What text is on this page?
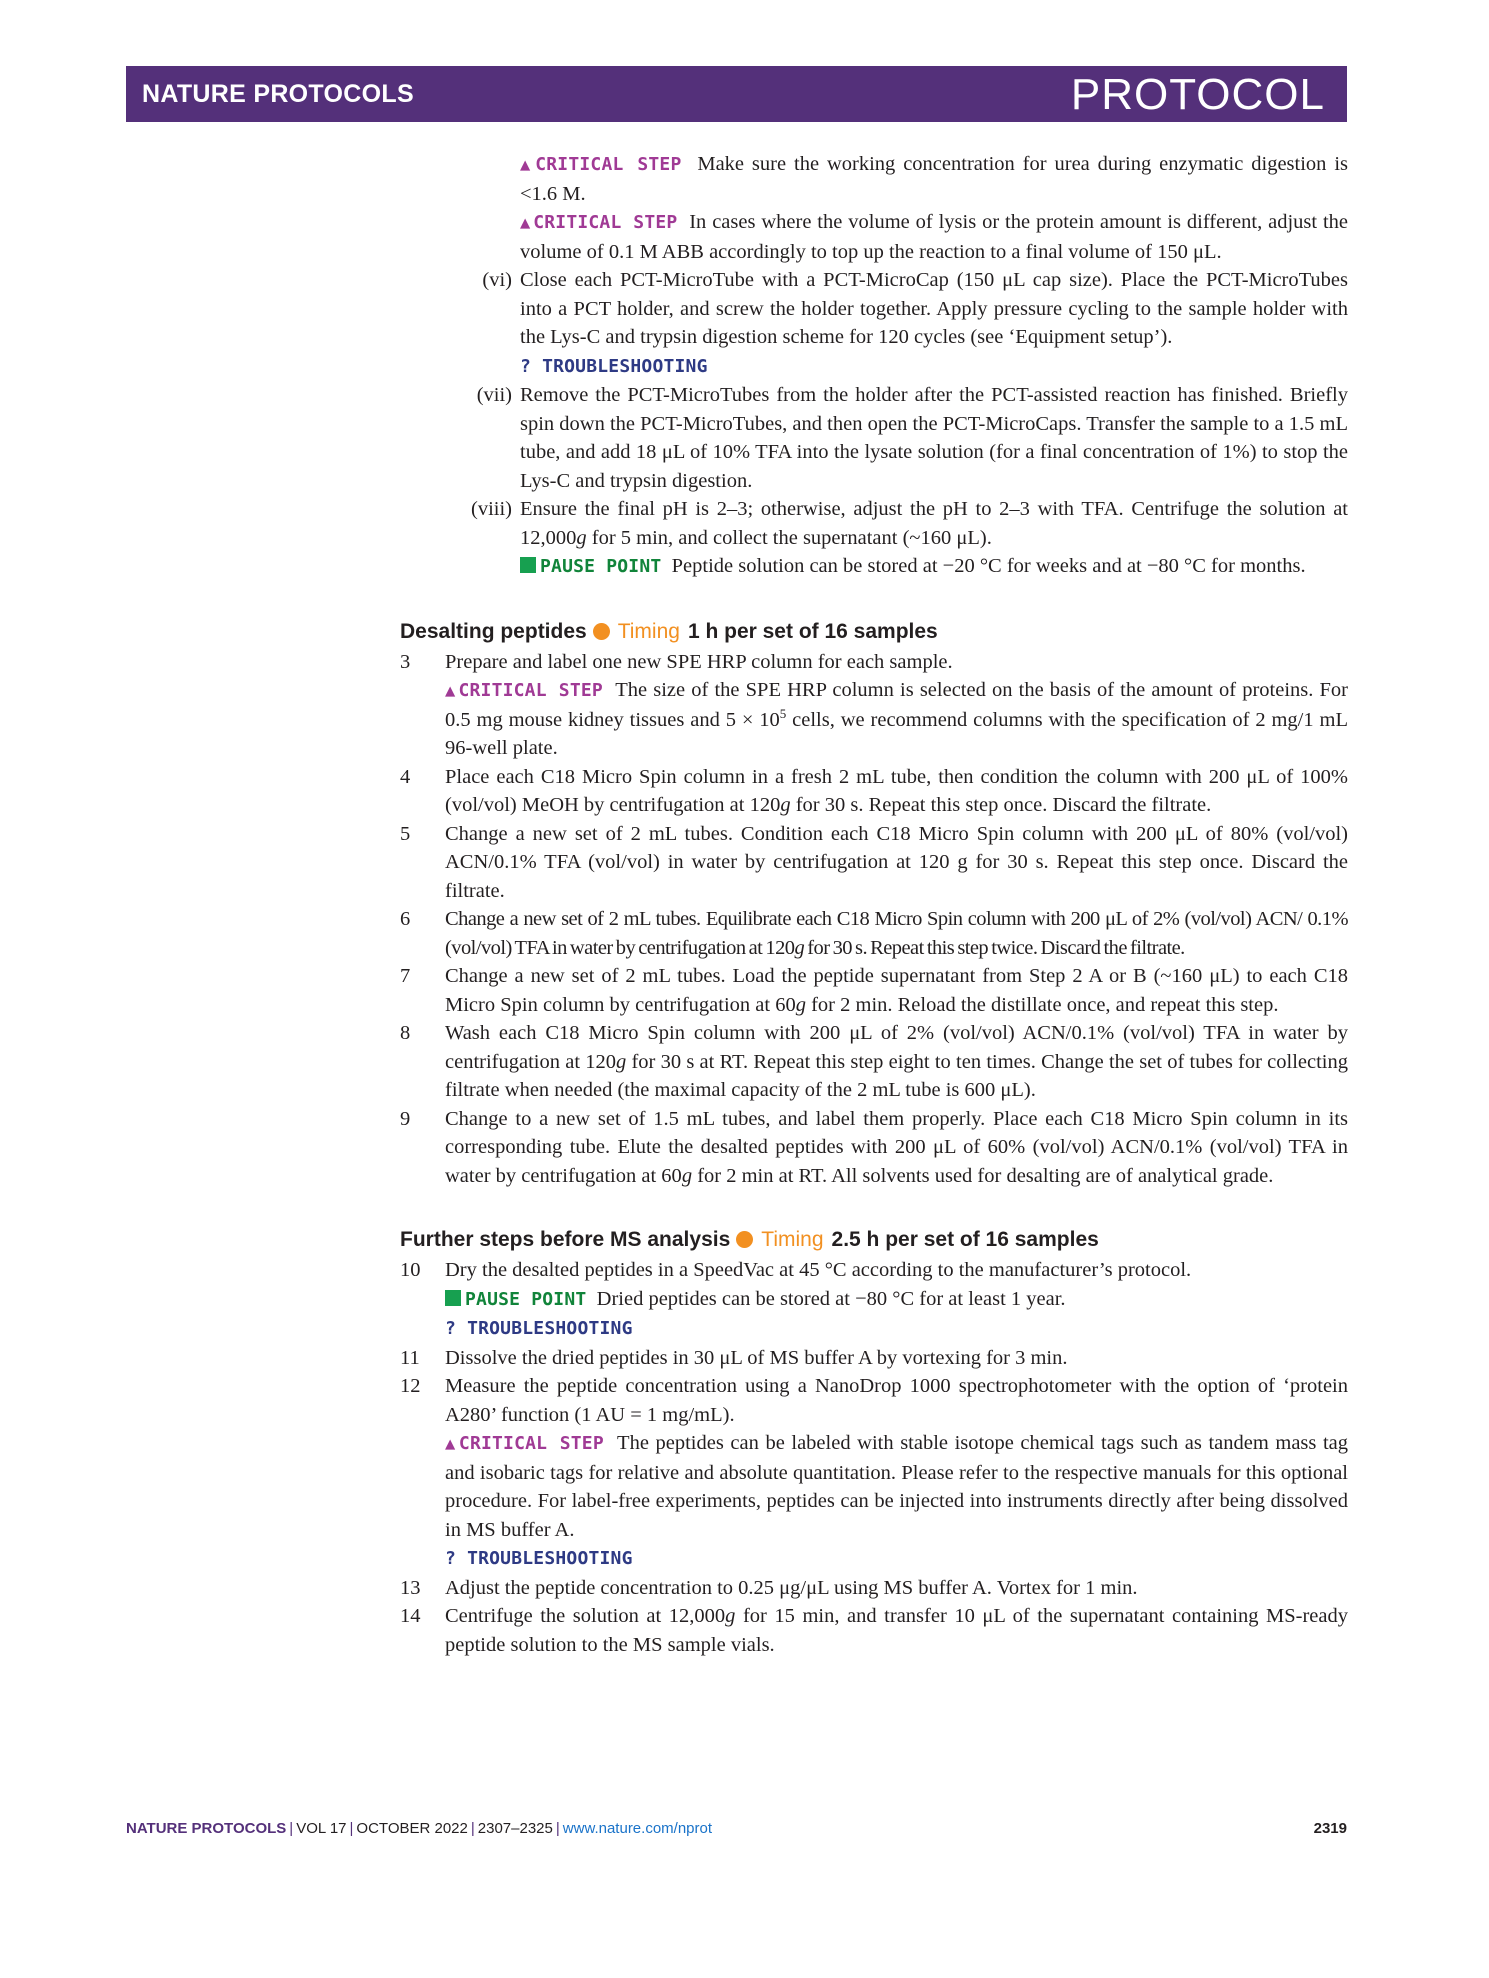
NATURE PROTOCOLS	PROTOCOL

▲ CRITICAL STEP Make sure the working concentration for urea during enzymatic digestion is <1.6 M.

▲ CRITICAL STEP In cases where the volume of lysis or the protein amount is different, adjust the volume of 0.1 M ABB accordingly to top up the reaction to a final volume of 150 μL.

(vi) Close each PCT-MicroTube with a PCT-MicroCap (150 μL cap size). Place the PCT-MicroTubes into a PCT holder, and screw the holder together. Apply pressure cycling to the sample holder with the Lys-C and trypsin digestion scheme for 120 cycles (see ‘Equipment setup’).

? TROUBLESHOOTING

(vii) Remove the PCT-MicroTubes from the holder after the PCT-assisted reaction has finished. Briefly spin down the PCT-MicroTubes, and then open the PCT-MicroCaps. Transfer the sample to a 1.5 mL tube, and add 18 μL of 10% TFA into the lysate solution (for a final concentration of 1%) to stop the Lys-C and trypsin digestion.

(viii) Ensure the final pH is 2–3; otherwise, adjust the pH to 2–3 with TFA. Centrifuge the solution at 12,000g for 5 min, and collect the supernatant (~160 μL).

PAUSE POINT Peptide solution can be stored at −20 °C for weeks and at −80 °C for months.

Desalting peptides Timing 1 h per set of 16 samples

3	Prepare and label one new SPE HRP column for each sample.

▲ CRITICAL STEP The size of the SPE HRP column is selected on the basis of the amount of proteins. For 0.5 mg mouse kidney tissues and $5 \times 10^5$ cells, we recommend columns with the specification of 2 mg/1 mL 96-well plate.

4	Place each C18 Micro Spin column in a fresh 2 mL tube, then condition the column with 200 μL of 100% (vol/vol) MeOH by centrifugation at 120g for 30 s. Repeat this step once. Discard the filtrate.

5	Change a new set of 2 mL tubes. Condition each C18 Micro Spin column with 200 μL of 80% (vol/vol) ACN/0.1% TFA (vol/vol) in water by centrifugation at 120 g for 30 s. Repeat this step once. Discard the filtrate.

6	Change a new set of 2 mL tubes. Equilibrate each C18 Micro Spin column with 200 μL of 2% (vol/vol) ACN/ 0.1% (vol/vol) TFA in water by centrifugation at 120g for 30 s. Repeat this step twice. Discard the filtrate.

7	Change a new set of 2 mL tubes. Load the peptide supernatant from Step 2 A or B (~160 μL) to each C18 Micro Spin column by centrifugation at 60g for 2 min. Reload the distillate once, and repeat this step.

8	Wash each C18 Micro Spin column with 200 μL of 2% (vol/vol) ACN/0.1% (vol/vol) TFA in water by centrifugation at 120g for 30 s at RT. Repeat this step eight to ten times. Change the set of tubes for collecting filtrate when needed (the maximal capacity of the 2 mL tube is 600 μL).

9	Change to a new set of 1.5 mL tubes, and label them properly. Place each C18 Micro Spin column in its corresponding tube. Elute the desalted peptides with 200 μL of 60% (vol/vol) ACN/0.1% (vol/vol) TFA in water by centrifugation at 60g for 2 min at RT. All solvents used for desalting are of analytical grade.

Further steps before MS analysis Timing 2.5 h per set of 16 samples

10	Dry the desalted peptides in a SpeedVac at 45 °C according to the manufacturer’s protocol.

PAUSE POINT Dried peptides can be stored at −80 °C for at least 1 year.

? TROUBLESHOOTING

11	Dissolve the dried peptides in 30 μL of MS buffer A by vortexing for 3 min.

12	Measure the peptide concentration using a NanoDrop 1000 spectrophotometer with the option of ‘protein A280’ function (1 AU = 1 mg/mL).

▲ CRITICAL STEP The peptides can be labeled with stable isotope chemical tags such as tandem mass tag and isobaric tags for relative and absolute quantitation. Please refer to the respective manuals for this optional procedure. For label-free experiments, peptides can be injected into instruments directly after being dissolved in MS buffer A.

? TROUBLESHOOTING

13	Adjust the peptide concentration to 0.25 μg/μL using MS buffer A. Vortex for 1 min.

14	Centrifuge the solution at 12,000g for 15 min, and transfer 10 μL of the supernatant containing MS-ready peptide solution to the MS sample vials.

NATURE PROTOCOLS | VOL 17 | OCTOBER 2022 | 2307–2325 | www.nature.com/nprot	2319
